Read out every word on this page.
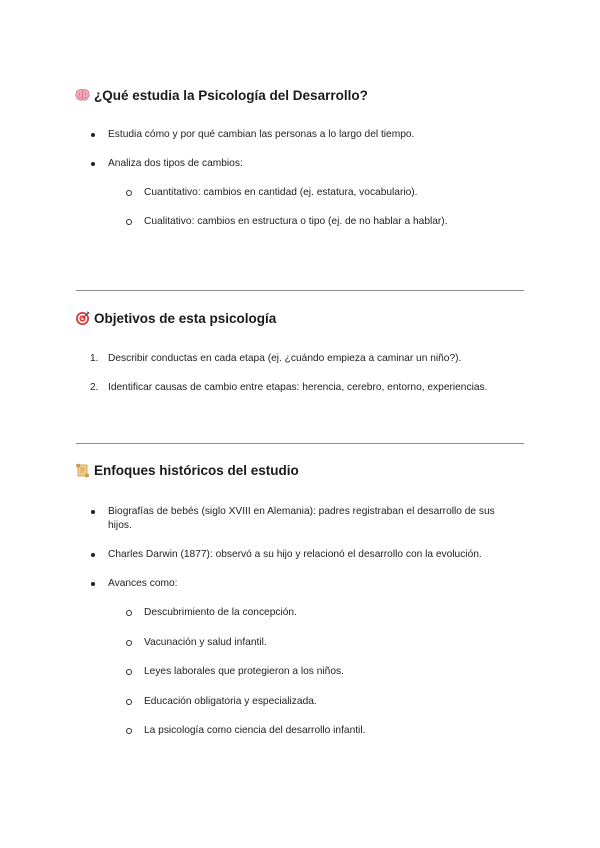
¿Qué estudia la Psicología del Desarrollo?
Estudia cómo y por qué cambian las personas a lo largo del tiempo.
Analiza dos tipos de cambios:
Cuantitativo: cambios en cantidad (ej. estatura, vocabulario).
Cualitativo: cambios en estructura o tipo (ej. de no hablar a hablar).
Objetivos de esta psicología
1. Describir conductas en cada etapa (ej. ¿cuándo empieza a caminar un niño?).
2. Identificar causas de cambio entre etapas: herencia, cerebro, entorno, experiencias.
Enfoques históricos del estudio
Biografías de bebés (siglo XVIII en Alemania): padres registraban el desarrollo de sus hijos.
Charles Darwin (1877): observó a su hijo y relacionó el desarrollo con la evolución.
Avances como:
Descubrimiento de la concepción.
Vacunación y salud infantil.
Leyes laborales que protegieron a los niños.
Educación obligatoria y especializada.
La psicología como ciencia del desarrollo infantil.
